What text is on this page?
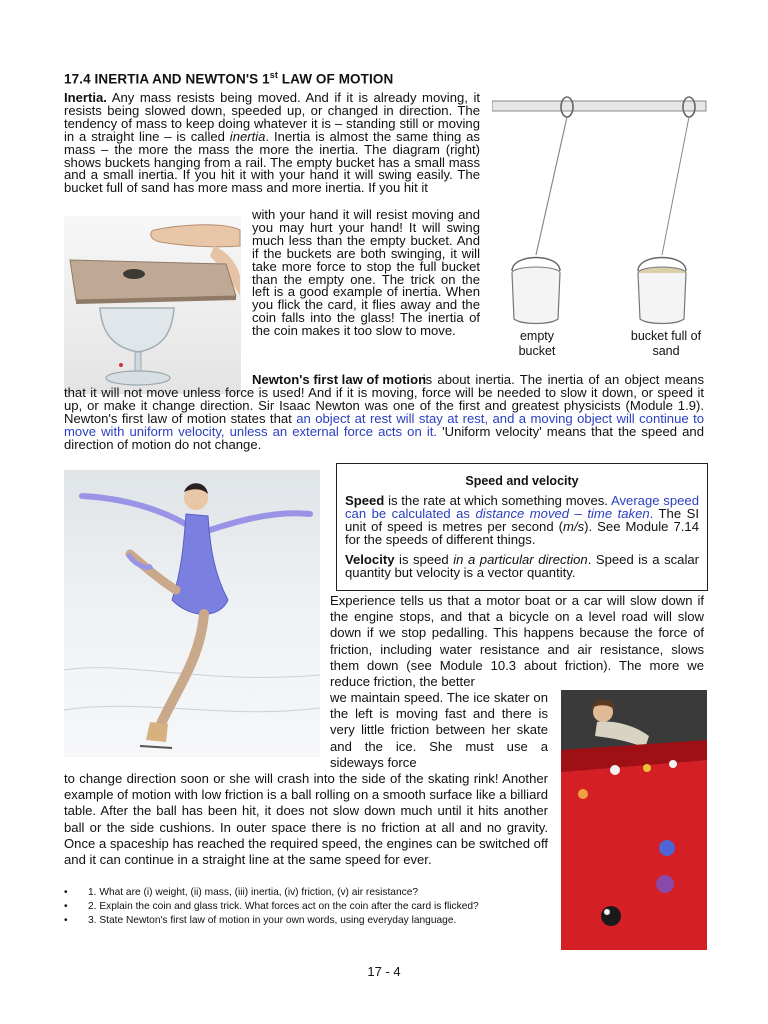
17.4 INERTIA AND NEWTON'S 1st LAW OF MOTION
Inertia. Any mass resists being moved. And if it is already moving, it resists being slowed down, speeded up, or changed in direction. The tendency of mass to keep doing whatever it is – standing still or moving in a straight line – is called inertia. Inertia is almost the same thing as mass – the more the mass the more the inertia. The diagram (right) shows buckets hanging from a rail. The empty bucket has a small mass and a small inertia. If you hit it with your hand it will swing easily. The bucket full of sand has more mass and more inertia. If you hit it
with your hand it will resist moving and you may hurt your hand! It will swing much less than the empty bucket. And if the buckets are both swinging, it will take more force to stop the full bucket than the empty one. The trick on the left is a good example of inertia. When you flick the card, it flies away and the coin falls into the glass! The inertia of the coin makes it too slow to move.	empty bucket
bucket full of sand
Newton's first law of motion
is about inertia. The inertia of an object means that it will not move unless force is used! And if it is moving, force will be needed to slow it down, or speed it up, or make it change direction. Sir Isaac Newton was one of the first and greatest physicists (Module 1.9). Newton's first law of motion states that an object at rest will stay at rest, and a moving object will continue to move with uniform velocity, unless an external force acts on it. 'Uniform velocity' means that the speed and direction of motion do not change.
Speed and velocity
Speed is the rate at which something moves. Average speed can be calculated as distance moved – time taken. The SI unit of speed is metres per second (m/s). See Module 7.14 for the speeds of different things.
Velocity is speed in a particular direction. Speed is a scalar quantity but velocity is a vector quantity.
Experience tells us that a motor boat or a car will slow down if the engine stops, and that a bicycle on a level road will slow down if we stop pedalling. This happens because the force of friction, including water resistance and air resistance, slows them down (see Module 10.3 about friction). The more we reduce friction, the better
we maintain speed. The ice skater on the left is moving fast and there is very little friction between her skate and the ice. She must use a sideways force
to change direction soon or she will crash into the side of the skating rink! Another example of motion with low friction is a ball rolling on a smooth surface like a billiard table. After the ball has been hit, it does not slow down much until it hits another ball or the side cushions. In outer space there is no friction at all and no gravity. Once a spaceship has reached the required speed, the engines can be switched off and it can continue in a straight line at the same speed for ever.
• 1. What are (i) weight, (ii) mass, (iii) inertia, (iv) friction, (v) air resistance?
• 2. Explain the coin and glass trick. What forces act on the coin after the card is flicked?
• 3. State Newton's first law of motion in your own words, using everyday language.
17 - 4
